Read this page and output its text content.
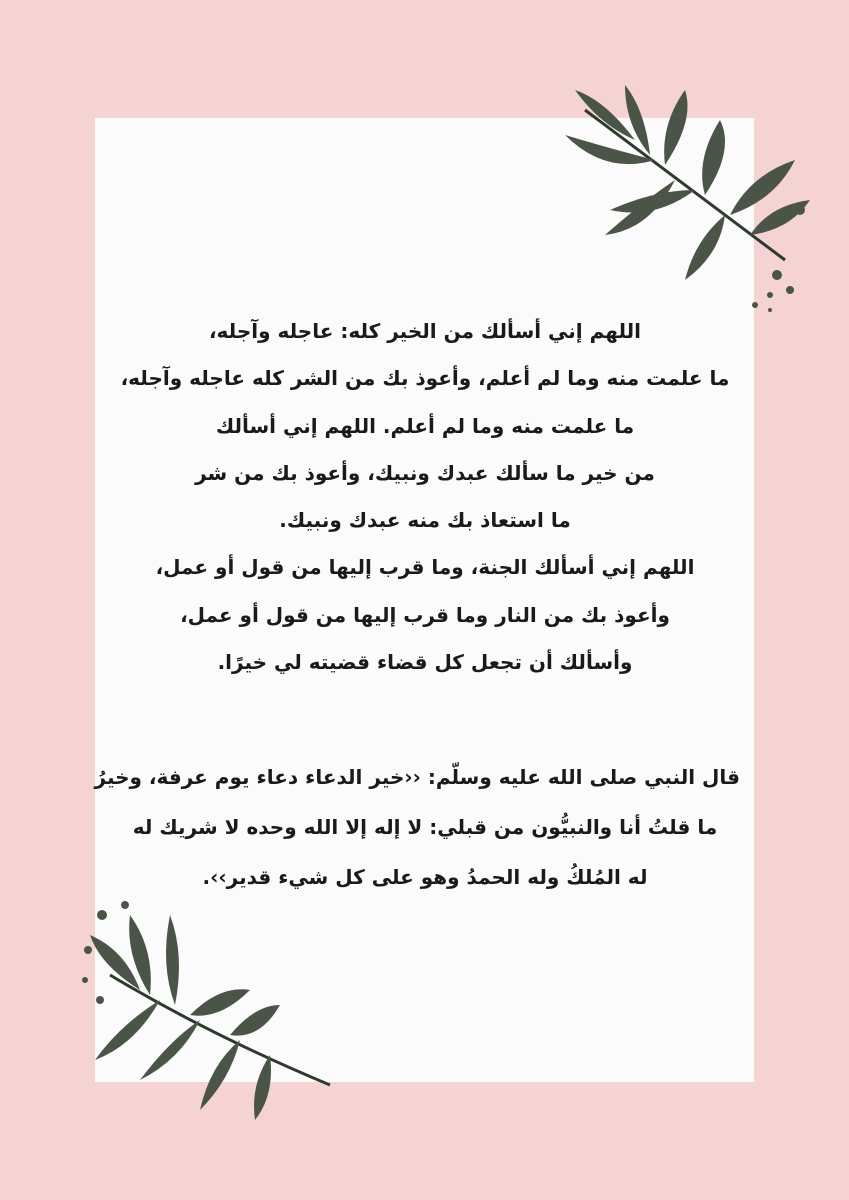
اللهم إني أسألك من الخير كله: عاجله وآجله،
ما علمت منه وما لم أعلم، وأعوذ بك من الشر كله عاجله وآجله،
ما علمت منه وما لم أعلم. اللهم إني أسألك
من خير ما سألك عبدك ونبيك، وأعوذ بك من شر
ما استعاذ بك منه عبدك ونبيك.
اللهم إني أسألك الجنة، وما قرب إليها من قول أو عمل،
وأعوذ بك من النار وما قرب إليها من قول أو عمل،
وأسألك أن تجعل كل قضاء قضيته لي خيرًا.
قال النبي صلى الله عليه وسلّم: ‹‹خير الدعاء دعاء يوم عرفة، وخيرُ
ما قلتُ أنا والنبيُّون من قبلي: لا إله إلا الله وحده لا شريك له
له المُلكُ وله الحمدُ وهو على كل شيء قدير››.
